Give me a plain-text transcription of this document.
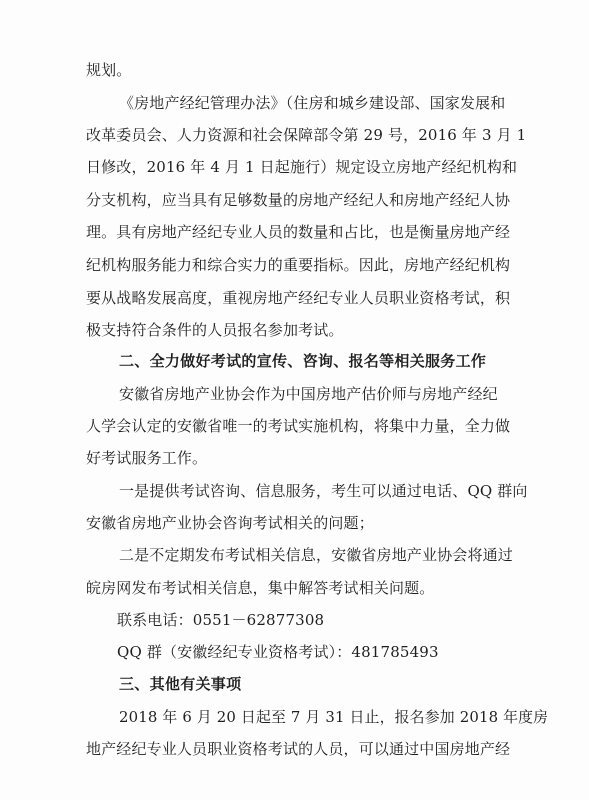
规划。
《房地产经纪管理办法》（住房和城乡建设部、国家发展和
改革委员会、人力资源和社会保障部令第 29 号，2016 年 3 月 1
日修改，2016 年 4 月 1 日起施行）规定设立房地产经纪机构和
分支机构，应当具有足够数量的房地产经纪人和房地产经纪人协
理。具有房地产经纪专业人员的数量和占比，也是衡量房地产经
纪机构服务能力和综合实力的重要指标。因此，房地产经纪机构
要从战略发展高度，重视房地产经纪专业人员职业资格考试，积
极支持符合条件的人员报名参加考试。
二、全力做好考试的宣传、咨询、报名等相关服务工作
安徽省房地产业协会作为中国房地产估价师与房地产经纪
人学会认定的安徽省唯一的考试实施机构，将集中力量，全力做
好考试服务工作。
一是提供考试咨询、信息服务，考生可以通过电话、QQ 群向
安徽省房地产业协会咨询考试相关的问题；
二是不定期发布考试相关信息，安徽省房地产业协会将通过
皖房网发布考试相关信息，集中解答考试相关问题。
联系电话：0551－62877308
QQ 群（安徽经纪专业资格考试）：481785493
三、其他有关事项
2018 年 6 月 20 日起至 7 月 31 日止，报名参加 2018 年度房
地产经纪专业人员职业资格考试的人员，可以通过中国房地产经
